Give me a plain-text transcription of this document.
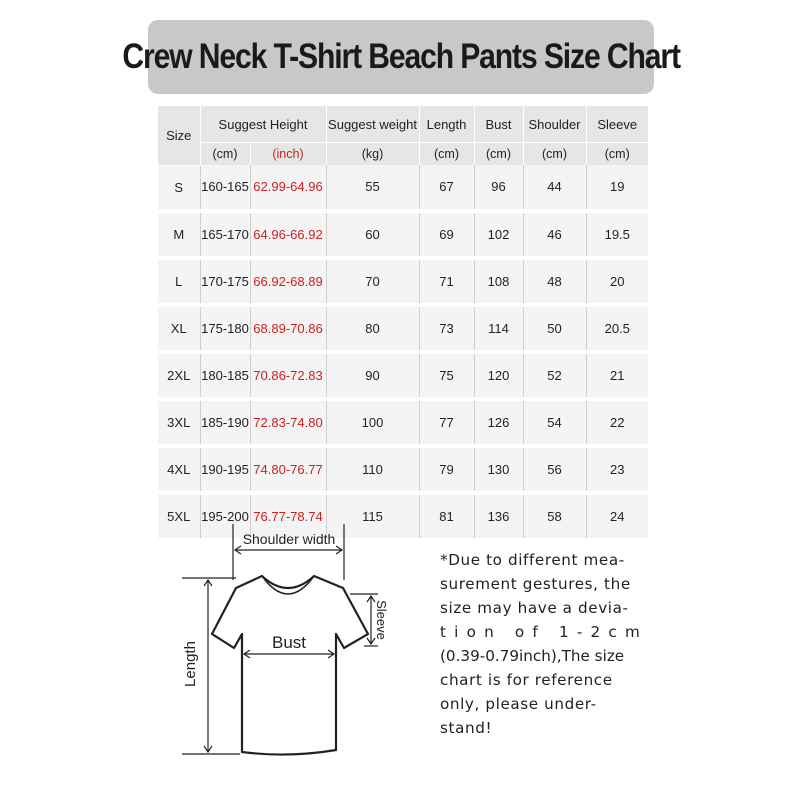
Crew Neck T-Shirt Beach Pants Size Chart
Size	Suggest Height		Suggest weight	Length	Bust	Shoulder	Sleeve
	(cm)	(inch)	(kg)	(cm)	(cm)	(cm)	(cm)
S	160-165	62.99-64.96	55	67	96	44	19
M	165-170	64.96-66.92	60	69	102	46	19.5
L	170-175	66.92-68.89	70	71	108	48	20
XL	175-180	68.89-70.86	80	73	114	50	20.5
2XL	180-185	70.86-72.83	90	75	120	52	21
3XL	185-190	72.83-74.80	100	77	126	54	22
4XL	190-195	74.80-76.77	110	79	130	56	23
5XL	195-200	76.77-78.74	115	81	136	58	24
Shoulder width
Bust
Length
Sleeve
*Due to different mea-
surement gestures, the
size may have a devia-
tion of 1-2cm
(0.39-0.79inch),The size
chart is for reference
only, please under-
stand!
